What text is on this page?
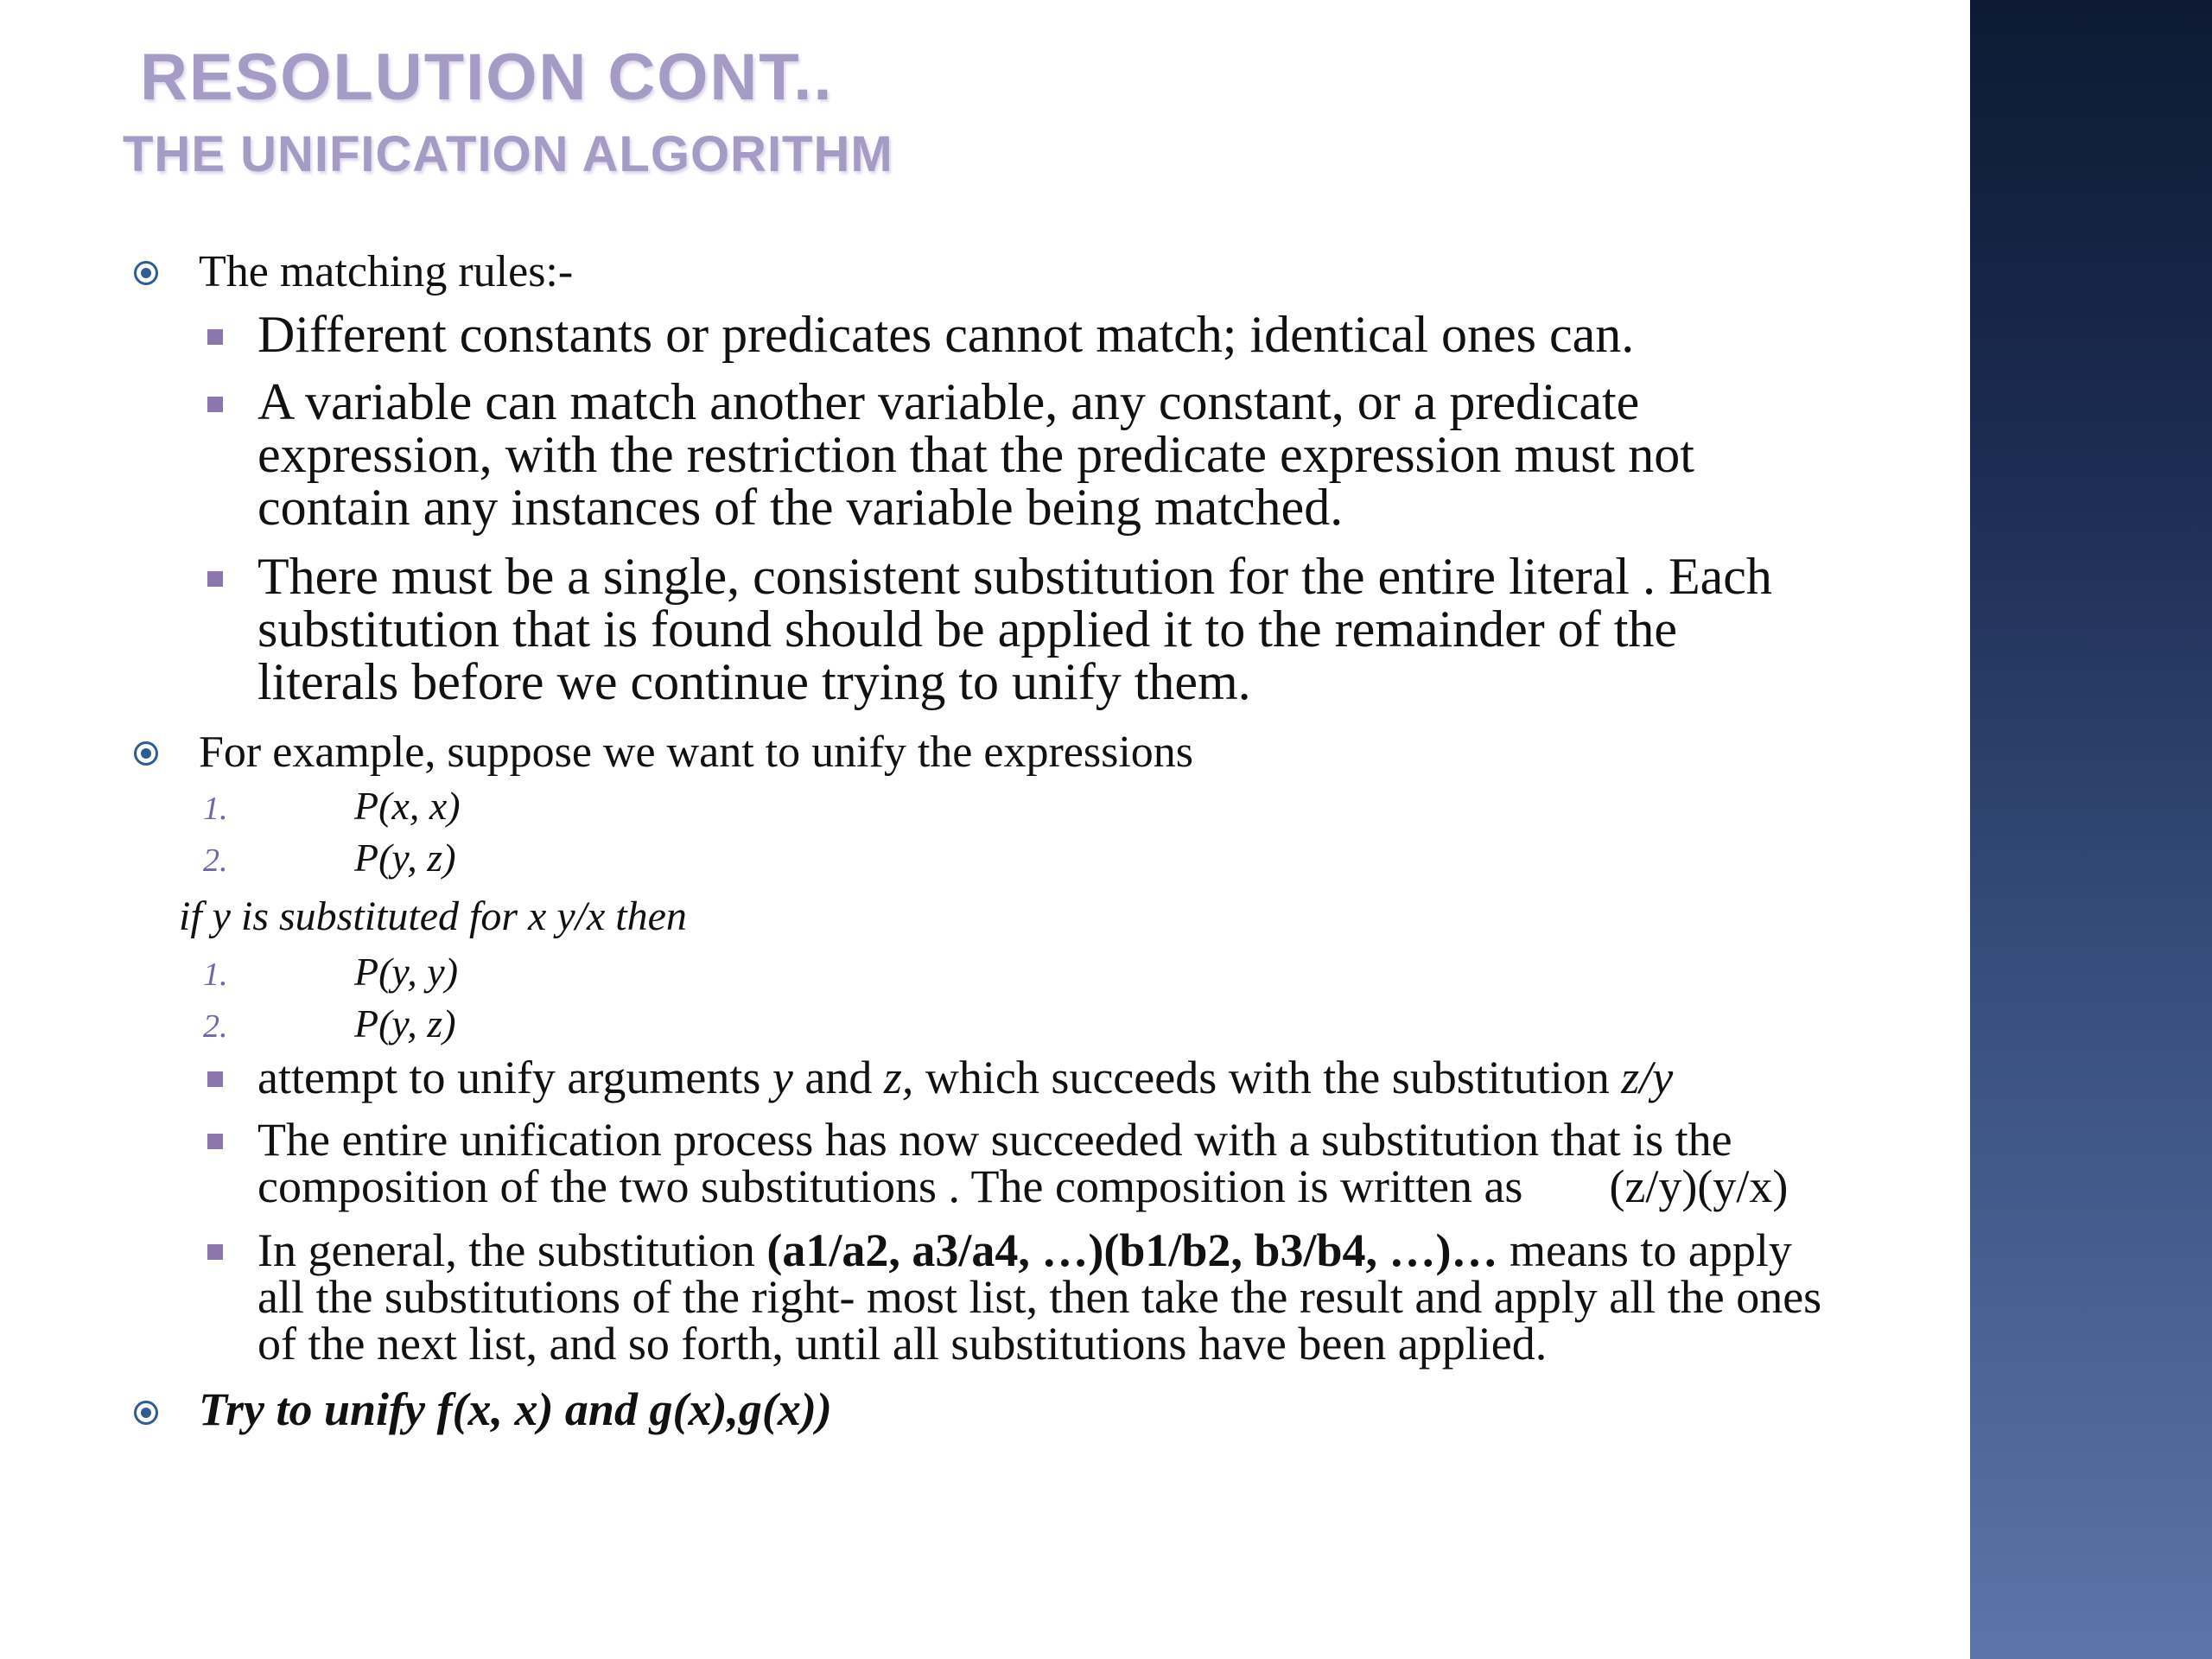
RESOLUTION CONT..
THE UNIFICATION ALGORITHM

The matching rules:-

Different constants or predicates cannot match; identical ones can.

A variable can match another variable, any constant, or a predicate
expression, with the restriction that the predicate expression must not
contain any instances of the variable being matched.
There must be a single, consistent substitution for the entire literal . Each
substitution that is found should be applied it to the remainder of the
literals before we continue trying to unify them.

For example, suppose we want to unify the expressions

1.	P(x, x)
2.	P(y, z)

if y is substituted for x y/x then

1.	P(y, y)
2.	P(y, z)

attempt to unify arguments y and z, which succeeds with the substitution z/y

The entire unification process has now succeeded with a substitution that is the
composition of the two substitutions . The composition is written as (z/y)(y/x)
In general, the substitution (a1/a2, a3/a4, …)(b1/b2, b3/b4, …)… means to apply
all the substitutions of the right- most list, then take the result and apply all the ones
of the next list, and so forth, until all substitutions have been applied.

Try to unify f(x, x) and g(x),g(x))
